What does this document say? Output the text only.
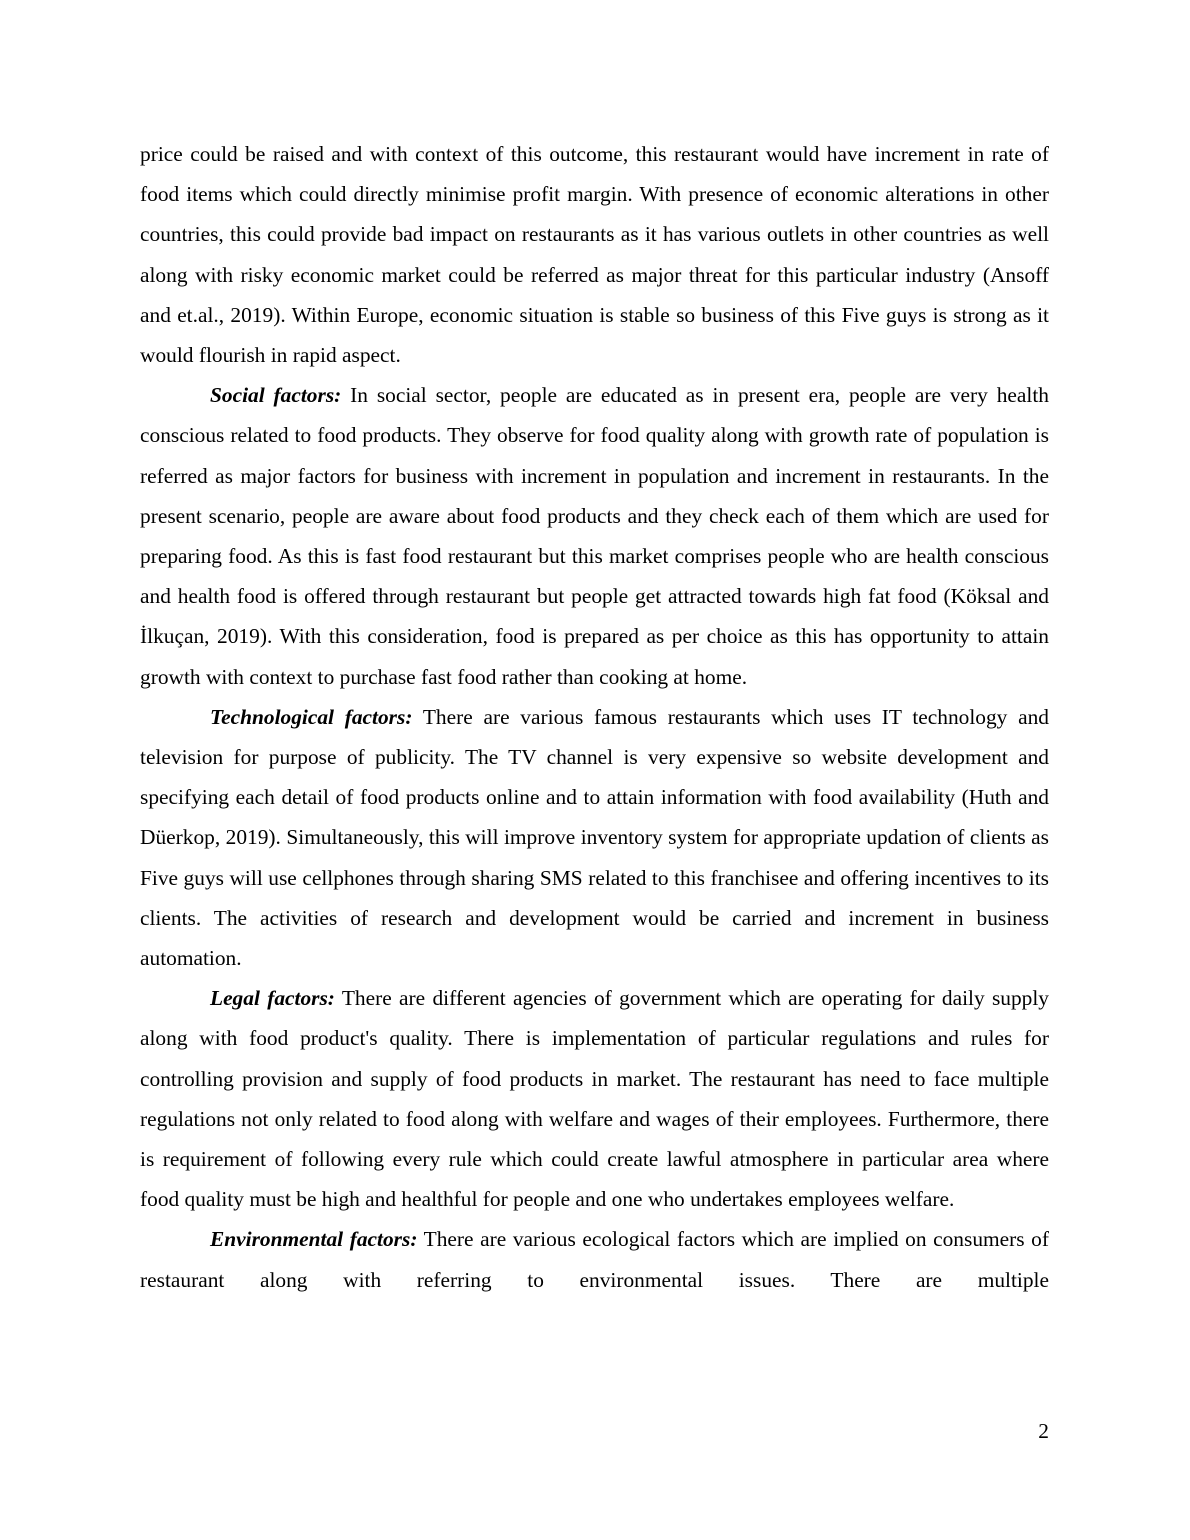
price could be raised and with context of this outcome, this restaurant would have increment in rate of food items which could directly minimise profit margin. With presence of economic alterations in other countries, this could provide bad impact on restaurants as it has various outlets in other countries as well along with risky economic market could be referred as major threat for this particular industry (Ansoff and et.al., 2019). Within Europe, economic situation is stable so business of this Five guys is strong as it would flourish in rapid aspect.

Social factors: In social sector, people are educated as in present era, people are very health conscious related to food products. They observe for food quality along with growth rate of population is referred as major factors for business with increment in population and increment in restaurants. In the present scenario, people are aware about food products and they check each of them which are used for preparing food. As this is fast food restaurant but this market comprises people who are health conscious and health food is offered through restaurant but people get attracted towards high fat food (Köksal and İlkuçan, 2019). With this consideration, food is prepared as per choice as this has opportunity to attain growth with context to purchase fast food rather than cooking at home.

Technological factors: There are various famous restaurants which uses IT technology and television for purpose of publicity. The TV channel is very expensive so website development and specifying each detail of food products online and to attain information with food availability (Huth and Düerkop, 2019). Simultaneously, this will improve inventory system for appropriate updation of clients as Five guys will use cellphones through sharing SMS related to this franchisee and offering incentives to its clients. The activities of research and development would be carried and increment in business automation.

Legal factors: There are different agencies of government which are operating for daily supply along with food product's quality. There is implementation of particular regulations and rules for controlling provision and supply of food products in market. The restaurant has need to face multiple regulations not only related to food along with welfare and wages of their employees. Furthermore, there is requirement of following every rule which could create lawful atmosphere in particular area where food quality must be high and healthful for people and one who undertakes employees welfare.

Environmental factors: There are various ecological factors which are implied on consumers of restaurant along with referring to environmental issues. There are multiple

2
